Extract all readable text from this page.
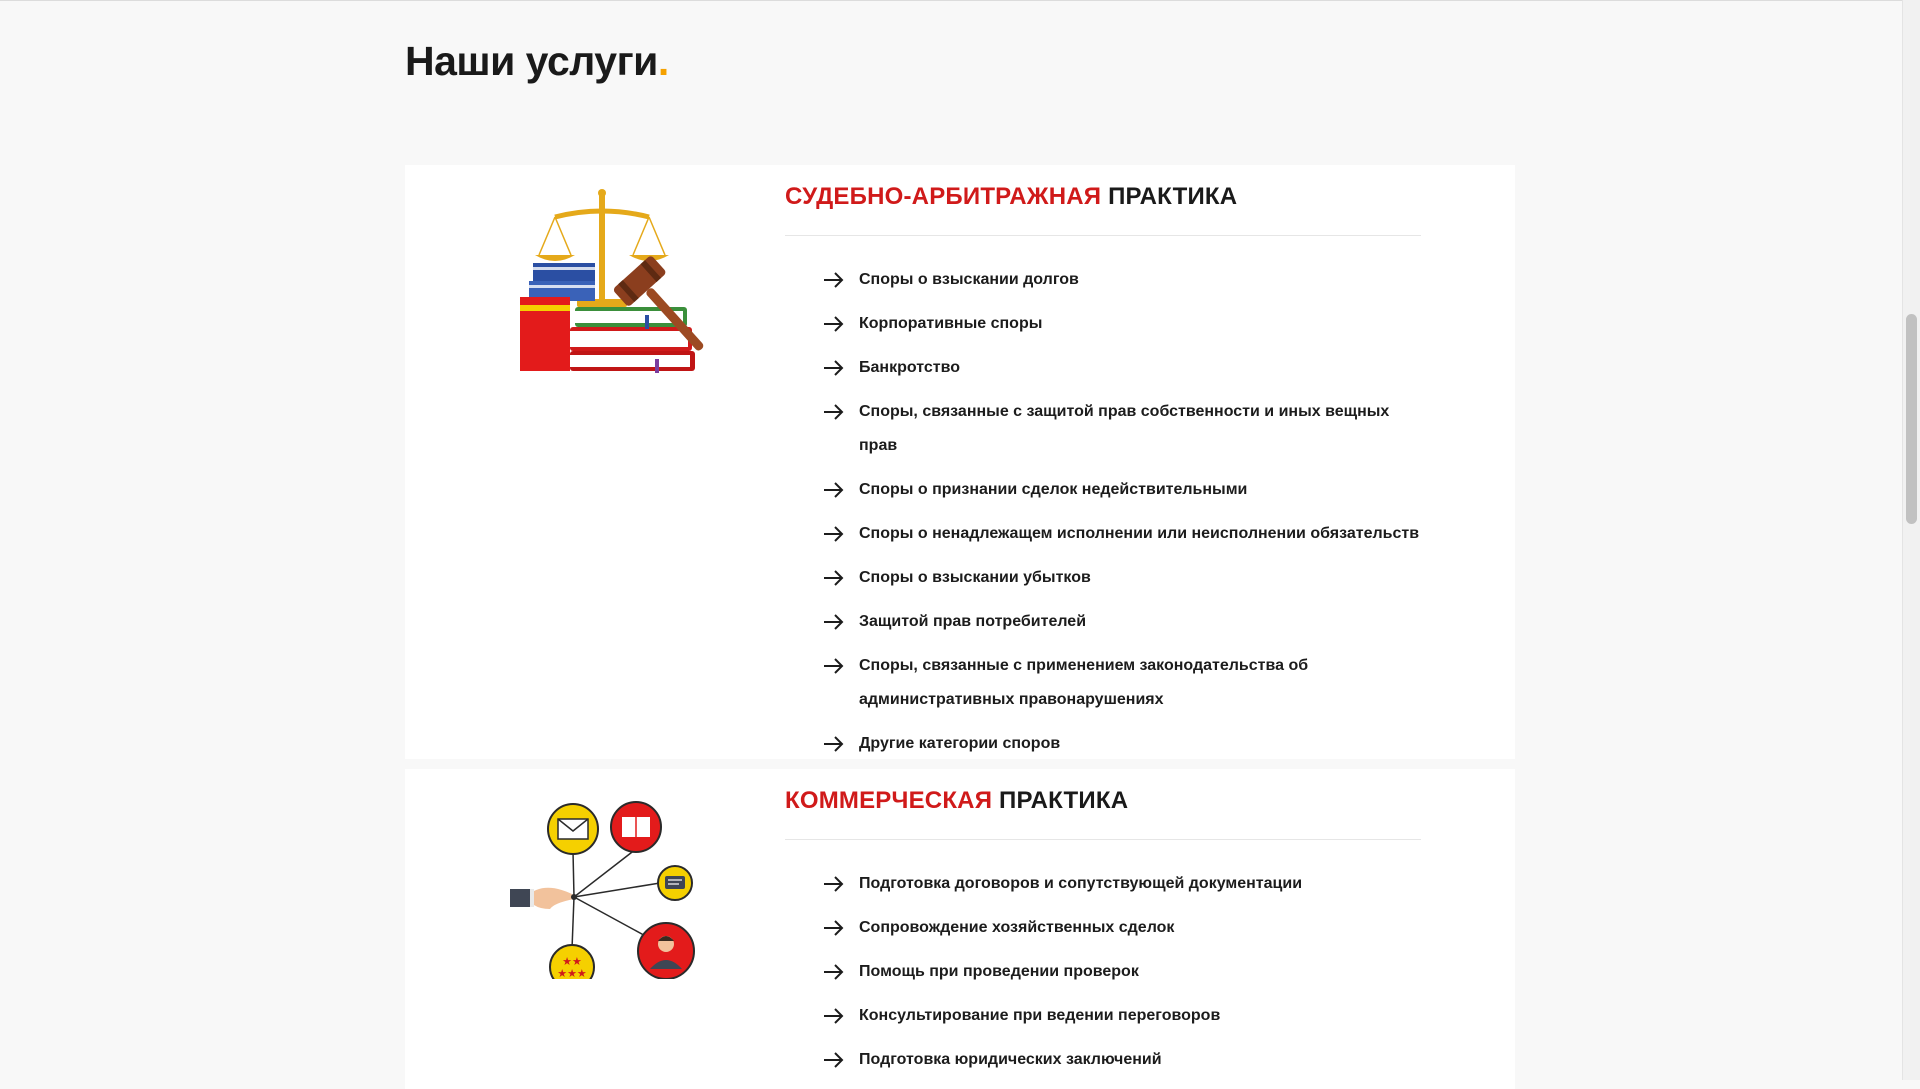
Наши услуги.
СУДЕБНО-АРБИТРАЖНАЯ ПРАКТИКА
Споры о взыскании долгов
Корпоративные споры
Банкротство
Споры, связанные с защитой прав собственности и иных вещных прав
Споры о признании сделок недействительными
Споры о ненадлежащем исполнении или неисполнении обязательств
Споры о взыскании убытков
Защитой прав потребителей
Споры, связанные с применением законодательства об административных правонарушениях
Другие категории споров
★★
★★★
КОММЕРЧЕСКАЯ ПРАКТИКА
Подготовка договоров и сопутствующей документации
Сопровождение хозяйственных сделок
Помощь при проведении проверок
Консультирование при ведении переговоров
Подготовка юридических заключений
